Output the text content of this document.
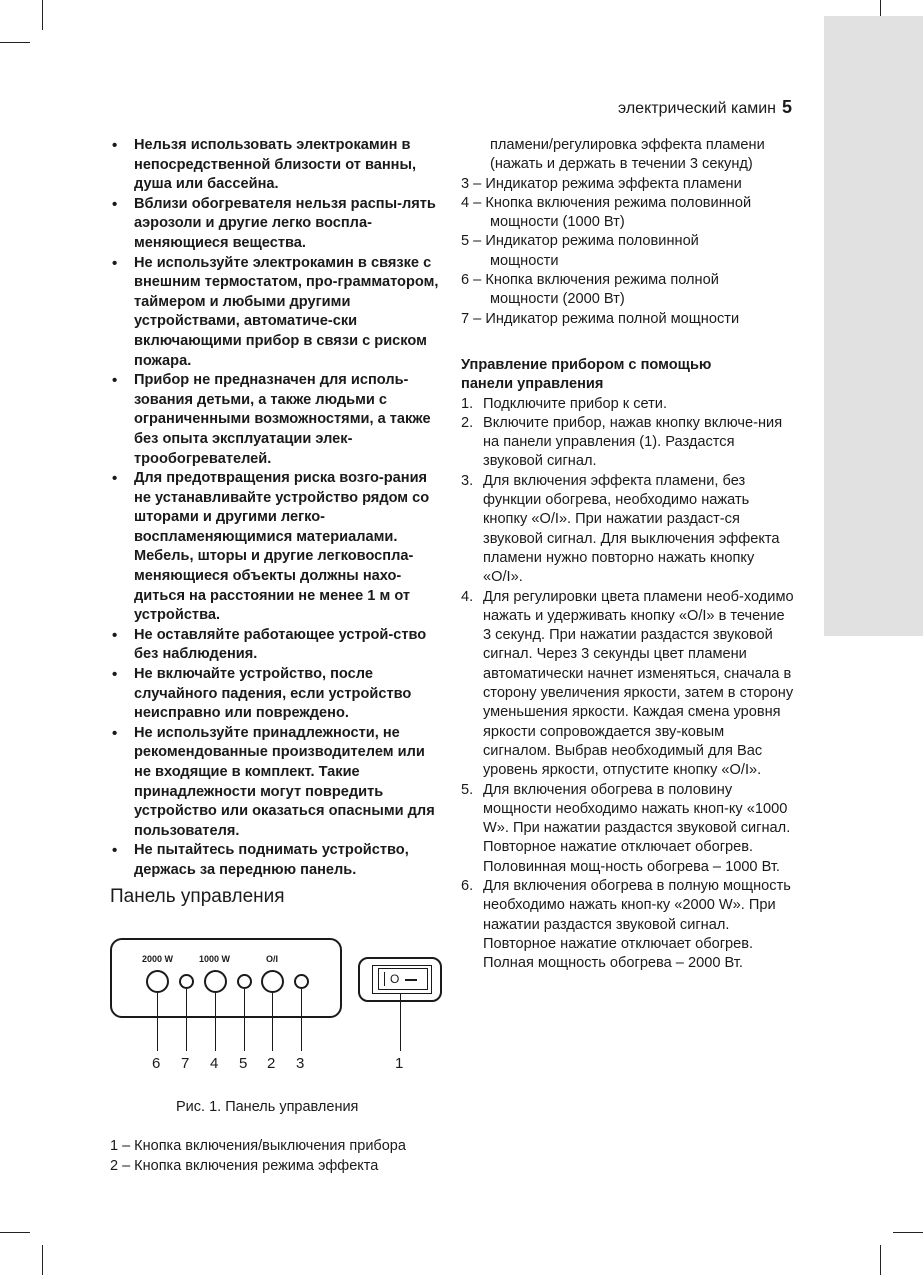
электрический камин 5
• Нельзя использовать электрокамин в непосредственной близости от ванны, душа или бассейна.
• Вблизи обогревателя нельзя распы-лять аэрозоли и другие легко воспла-меняющиеся вещества.
• Не используйте электрокамин в связке с внешним термостатом, про-грамматором, таймером и любыми другими устройствами, автоматиче-ски включающими прибор в связи с риском пожара.
• Прибор не предназначен для исполь-зования детьми, а также людьми с ограниченными возможностями, а также без опыта эксплуатации элек-трообогревателей.
• Для предотвращения риска возго-рания не устанавливайте устройство рядом со шторами и другими легко-воспламеняющимися материалами. Мебель, шторы и другие легковоспла-меняющиеся объекты должны нахо-диться на расстоянии не менее 1 м от устройства.
• Не оставляйте работающее устрой-ство без наблюдения.
• Не включайте устройство, после случайного падения, если устройство неисправно или повреждено.
• Не используйте принадлежности, не рекомендованные производителем или не входящие в комплект. Такие принадлежности могут повредить устройство или оказаться опасными для пользователя.
• Не пытайтесь поднимать устройство, держась за переднюю панель.
Панель управления
2000 W	1000 W	О/I
O
6 7 4 5 2 3	1
Рис. 1. Панель управления
1 – Кнопка включения/выключения прибора
2 – Кнопка включения режима эффекта

пламени/регулировка эффекта пламени

(нажать и держать в течении 3 секунд)

3 – Индикатор режима эффекта пламени

4 – Кнопка включения режима половинной

мощности (1000 Вт)

5 – Индикатор режима половинной

мощности

6 – Кнопка включения режима полной

мощности (2000 Вт)

7 – Индикатор режима полной мощности

Управление прибором с помощью

панели управления

1. Подключите прибор к сети.
2. Включите прибор, нажав кнопку включе-ния на панели управления (1). Раздастся звуковой сигнал.
3. Для включения эффекта пламени, без функции обогрева, необходимо нажать кнопку «О/I». При нажатии раздаст-ся звуковой сигнал. Для выключения эффекта пламени нужно повторно нажать кнопку «О/I».
4. Для регулировки цвета пламени необ-ходимо нажать и удерживать кнопку «О/I» в течение 3 секунд. При нажатии раздастся звуковой сигнал. Через 3 секунды цвет пламени автоматически начнет изменяться, сначала в сторону увеличения яркости, затем в сторону уменьшения яркости. Каждая смена уровня яркости сопровождается зву-ковым сигналом. Выбрав необходимый для Вас уровень яркости, отпустите кнопку «О/I».
5. Для включения обогрева в половину мощности необходимо нажать кноп-ку «1000 W». При нажатии раздастся звуковой сигнал. Повторное нажатие отключает обогрев. Половинная мощ-ность обогрева – 1000 Вт.
6. Для включения обогрева в полную мощность необходимо нажать кноп-ку «2000 W». При нажатии раздастся звуковой сигнал. Повторное нажатие отключает обогрев. Полная мощность обогрева – 2000 Вт.
